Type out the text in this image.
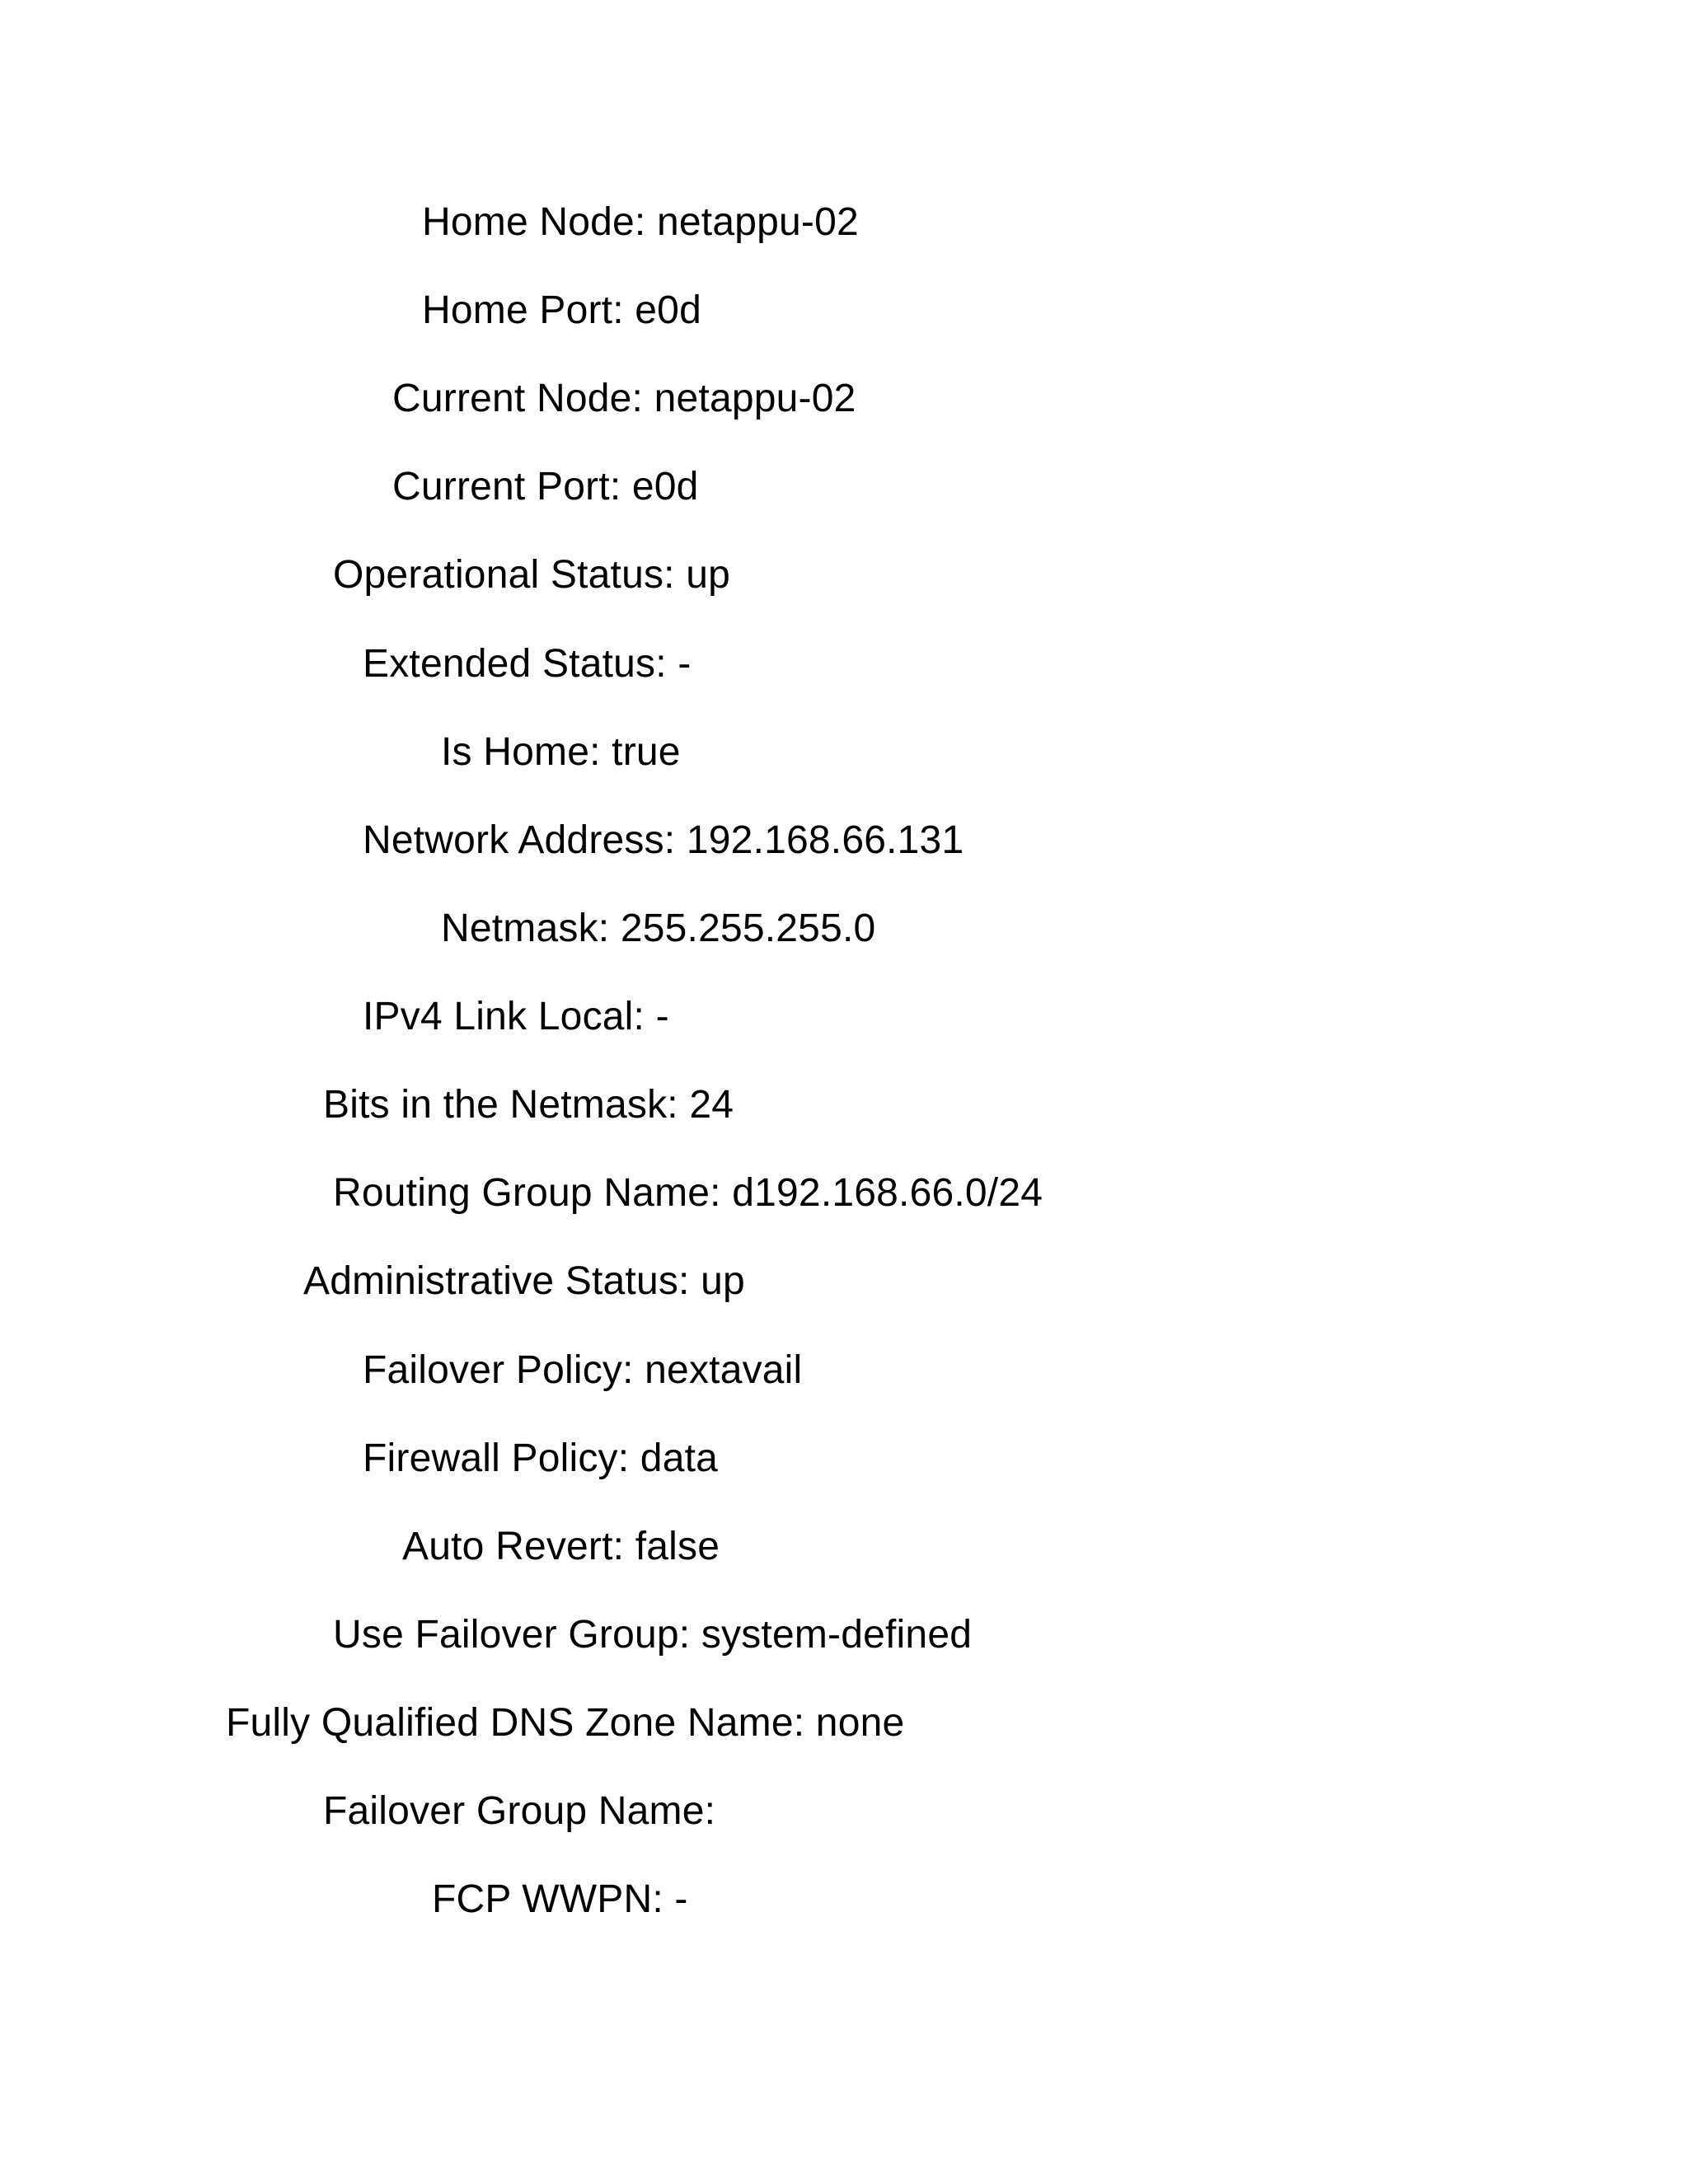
Home Node: netappu-02
Home Port: e0d
Current Node: netappu-02
Current Port: e0d
Operational Status: up
Extended Status: -
Is Home: true
Network Address: 192.168.66.131
Netmask: 255.255.255.0
IPv4 Link Local: -
Bits in the Netmask: 24
Routing Group Name: d192.168.66.0/24
Administrative Status: up
Failover Policy: nextavail
Firewall Policy: data
Auto Revert: false
Use Failover Group: system-defined
Fully Qualified DNS Zone Name: none
Failover Group Name:
FCP WWPN: -
